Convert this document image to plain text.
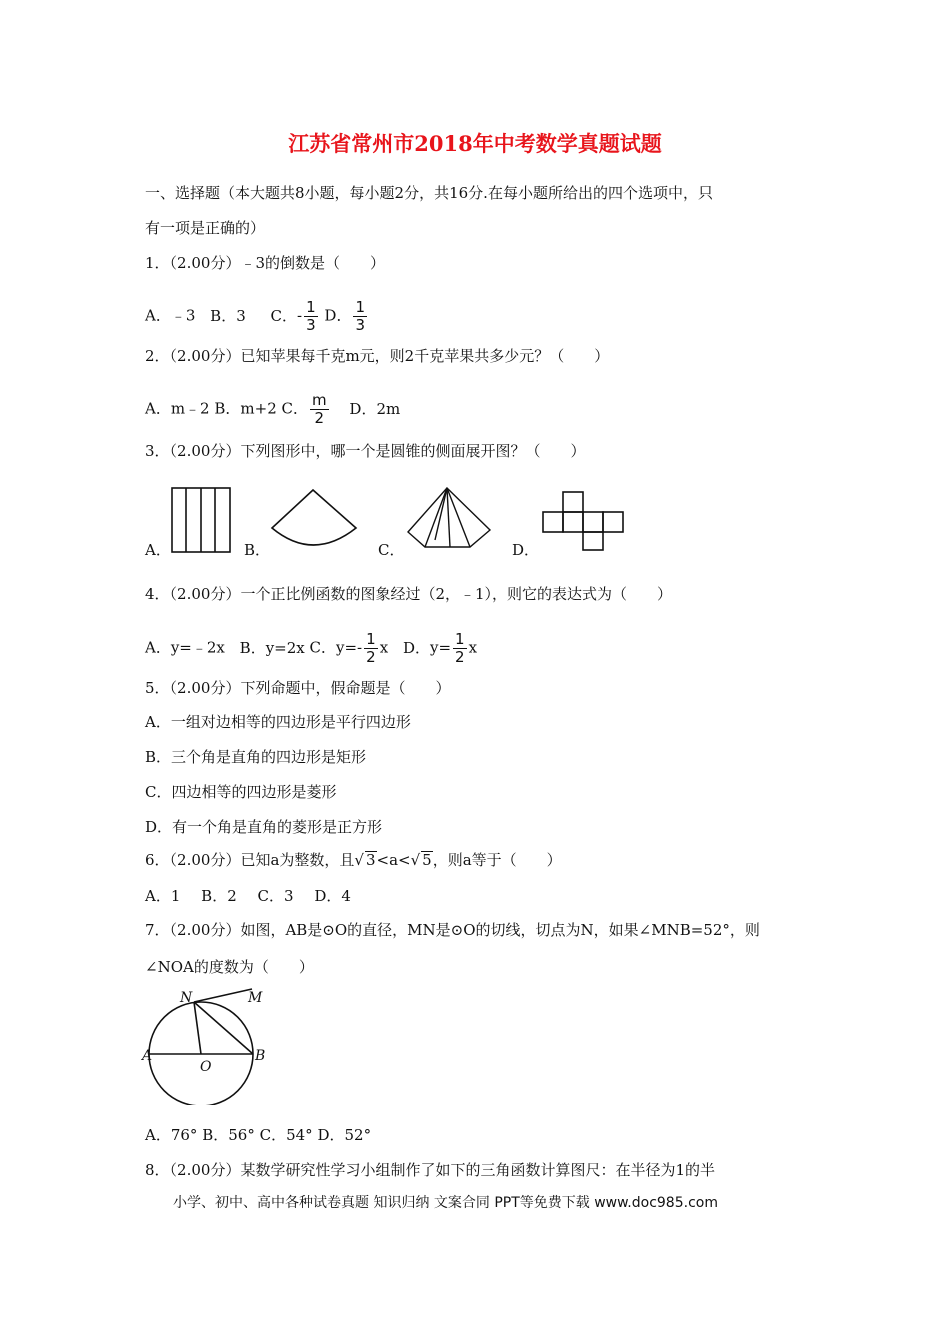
江苏省常州市2018年中考数学真题试题
一、选择题（本大题共8小题，每小题2分，共16分.在每小题所给出的四个选项中，只
有一项是正确的）
1．（2.00分）﹣3的倒数是（　　）
A．﹣3 B．3 C．- $\frac{1}{3}$ D． $\frac{1}{3}$
2．（2.00分）已知苹果每千克m元，则2千克苹果共多少元？（　　）
A．m﹣2 B．m+2 C． $\frac{m}{2}$ D．2m
3．（2.00分）下列图形中，哪一个是圆锥的侧面展开图？（　　）
A．	B．	C．	D．
4．（2.00分）一个正比例函数的图象经过（2，﹣1），则它的表达式为（　　）
A．y=﹣2x B．y=2x C．$y=- \frac{1}{2}$ x D．$y= \frac{1}{2}$ x
5．（2.00分）下列命题中，假命题是（　　）
A．一组对边相等的四边形是平行四边形
B．三个角是直角的四边形是矩形
C．四边相等的四边形是菱形
D．有一个角是直角的菱形是正方形
6．（2.00分）已知a为整数，且√ 3<a<√ 5，则a等于（　　）
A．1 B．2 C．3 D．4
7．（2.00分）如图，AB是⊙O的直径，MN是⊙O的切线，切点为N，如果∠MNB=52°，则
∠NOA的度数为（　　）
N	M
A
O
B
A．76° B．56° C．54° D．52°
8．（2.00分）某数学研究性学习小组制作了如下的三角函数计算图尺：在半径为1的半
小学、初中、高中各种试卷真题 知识归纳 文案合同 PPT等免费下载 www.doc985.com
